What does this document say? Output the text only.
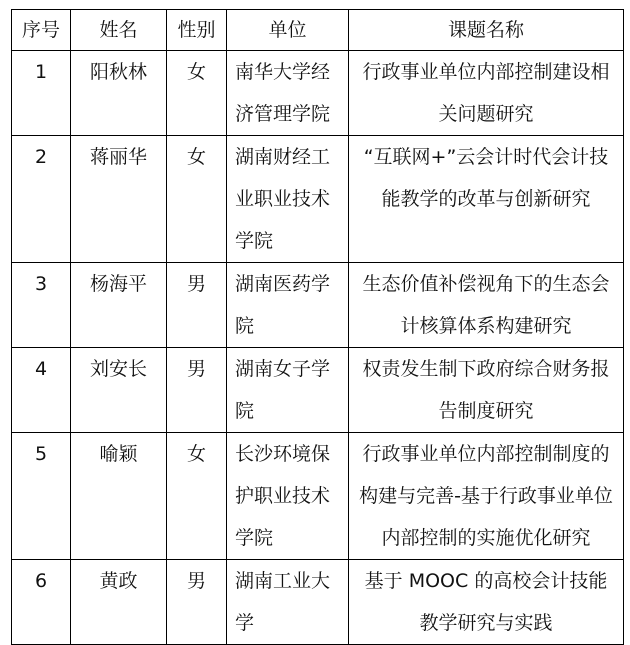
序号	姓名	性别	单位	课题名称
1	阳秋林	女	南华大学经济管理学院	行政事业单位内部控制建设相关问题研究
2	蒋丽华	女	湖南财经工业职业技术学院	“互联网+”云会计时代会计技能教学的改革与创新研究
3	杨海平	男	湖南医药学院	生态价值补偿视角下的生态会计核算体系构建研究
4	刘安长	男	湖南女子学院	权责发生制下政府综合财务报告制度研究
5	喻颖	女	长沙环境保护职业技术学院	行政事业单位内部控制制度的构建与完善-基于行政事业单位内部控制的实施优化研究
6	黄政	男	湖南工业大学	基于 MOOC 的高校会计技能教学研究与实践
